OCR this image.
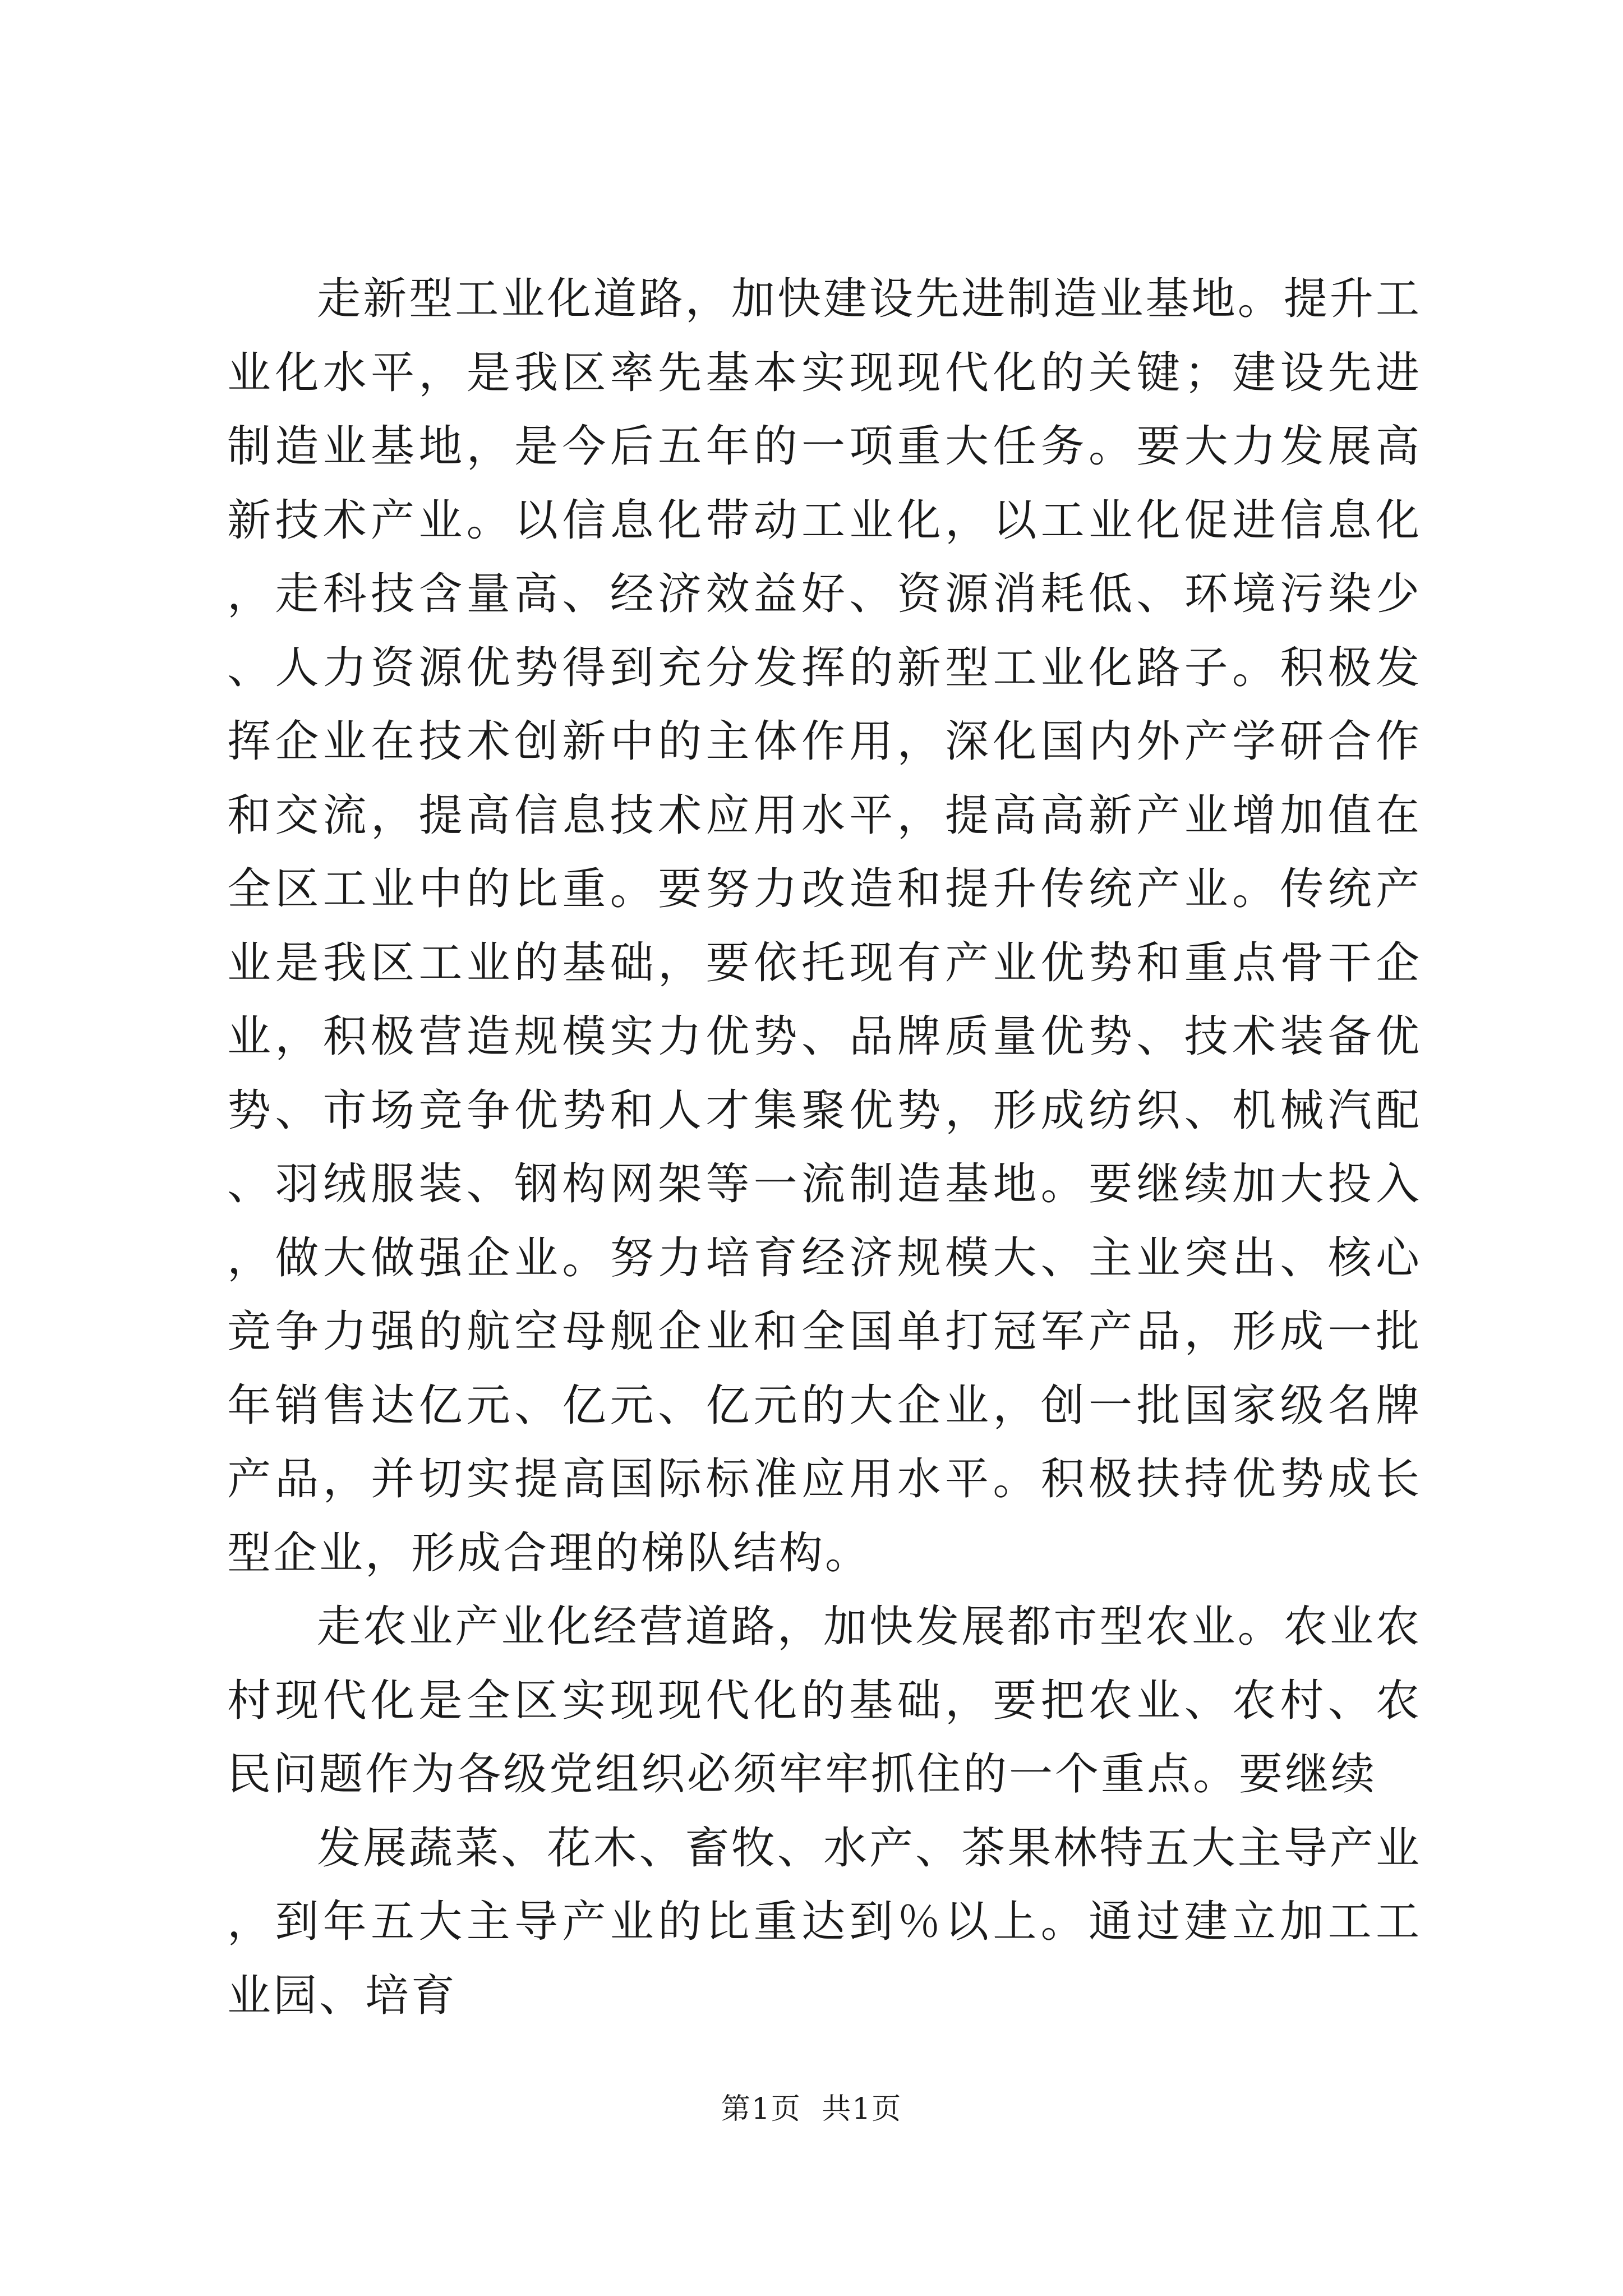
走新型工业化道路，加快建设先进制造业基地。提升工业化水平，是我区率先基本实现现代化的关键；建设先进制造业基地，是今后五年的一项重大任务。要大力发展高新技术产业。以信息化带动工业化，以工业化促进信息化，走科技含量高、经济效益好、资源消耗低、环境污染少、人力资源优势得到充分发挥的新型工业化路子。积极发挥企业在技术创新中的主体作用，深化国内外产学研合作和交流，提高信息技术应用水平，提高高新产业增加值在全区工业中的比重。要努力改造和提升传统产业。传统产业是我区工业的基础，要依托现有产业优势和重点骨干企业，积极营造规模实力优势、品牌质量优势、技术装备优势、市场竞争优势和人才集聚优势，形成纺织、机械汽配、羽绒服装、钢构网架等一流制造基地。要继续加大投入，做大做强企业。努力培育经济规模大、主业突出、核心竞争力强的航空母舰企业和全国单打冠军产品，形成一批年销售达亿元、亿元、亿元的大企业，创一批国家级名牌产品，并切实提高国际标准应用水平。积极扶持优势成长型企业，形成合理的梯队结构。

走农业产业化经营道路，加快发展都市型农业。农业农村现代化是全区实现现代化的基础，要把农业、农村、农民问题作为各级党组织必须牢牢抓住的一个重点。要继续

发展蔬菜、花木、畜牧、水产、茶果林特五大主导产业，到年五大主导产业的比重达到％以上。通过建立加工工业园、培育

第1页 共1页
